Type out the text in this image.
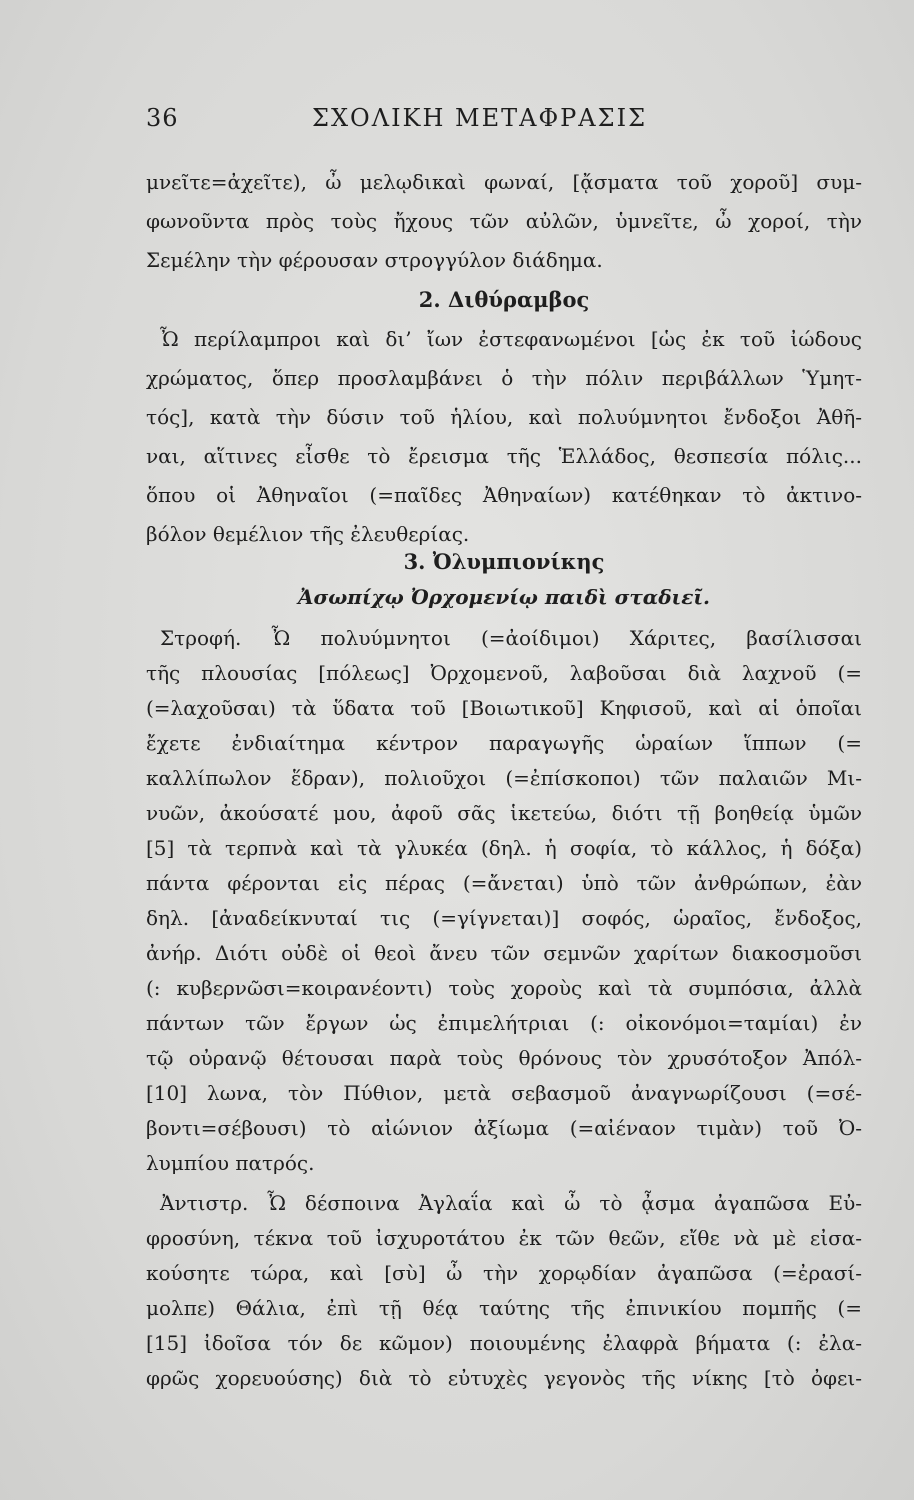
36	ΣΧΟΛΙΚΗ ΜΕΤΑΦΡΑΣΙΣ
μνεῖτε=ἀχεῖτε), ὦ μελῳδικαὶ φωναί, [ᾄσματα τοῦ χοροῦ] συμ-
φωνοῦντα πρὸς τοὺς ἤχους τῶν αὐλῶν, ὑμνεῖτε, ὦ χοροί, τὴν
Σεμέλην τὴν φέρουσαν στρογγύλον διάδημα.
2. Διθύραμβος
Ὦ περίλαμπροι καὶ δι’ ἴων ἐστεφανωμένοι [ὡς ἐκ τοῦ ἰώδους
χρώματος, ὅπερ προσλαμβάνει ὁ τὴν πόλιν περιβάλλων Ὑμητ-
τός], κατὰ τὴν δύσιν τοῦ ἡλίου, καὶ πολυύμνητοι ἔνδοξοι Ἀθῆ-
ναι, αἵτινες εἶσθε τὸ ἔρεισμα τῆς Ἑλλάδος, θεσπεσία πόλις...
ὅπου οἱ Ἀθηναῖοι (=παῖδες Ἀθηναίων) κατέθηκαν τὸ ἀκτινο-
βόλον θεμέλιον τῆς ἐλευθερίας.
3. Ὀλυμπιονίκης
Ἀσωπίχῳ Ὀρχομενίῳ παιδὶ σταδιεῖ.
Στροφή. Ὦ πολυύμνητοι (=ἀοίδιμοι) Χάριτες, βασίλισσαι
τῆς πλουσίας [πόλεως] Ὀρχομενοῦ, λαβοῦσαι διὰ λαχνοῦ (=
(=λαχοῦσαι) τὰ ὕδατα τοῦ [Βοιωτικοῦ] Κηφισοῦ, καὶ αἱ ὁποῖαι
ἔχετε ἐνδιαίτημα κέντρον παραγωγῆς ὡραίων ἵππων (=
καλλίπωλον ἕδραν), πολιοῦχοι (=ἐπίσκοποι) τῶν παλαιῶν Μι-
νυῶν, ἀκούσατέ μου, ἀφοῦ σᾶς ἱκετεύω, διότι τῇ βοηθείᾳ ὑμῶν
[5] τὰ τερπνὰ καὶ τὰ γλυκέα (δηλ. ἡ σοφία, τὸ κάλλος, ἡ δόξα)
πάντα φέρονται εἰς πέρας (=ἄνεται) ὑπὸ τῶν ἀνθρώπων, ἐὰν
δηλ. [ἀναδείκνυταί τις (=γίγνεται)] σοφός, ὡραῖος, ἔνδοξος,
ἀνήρ. Διότι οὐδὲ οἱ θεοὶ ἄνευ τῶν σεμνῶν χαρίτων διακοσμοῦσι
(: κυβερνῶσι=κοιρανέοντι) τοὺς χοροὺς καὶ τὰ συμπόσια, ἀλλὰ
πάντων τῶν ἔργων ὡς ἐπιμελήτριαι (: οἰκονόμοι=ταμίαι) ἐν
τῷ οὐρανῷ θέτουσαι παρὰ τοὺς θρόνους τὸν χρυσότοξον Ἀπόλ-
[10] λωνα, τὸν Πύθιον, μετὰ σεβασμοῦ ἀναγνωρίζουσι (=σέ-
βοντι=σέβουσι) τὸ αἰώνιον ἀξίωμα (=αἰέναον τιμὰν) τοῦ Ὀ-
λυμπίου πατρός.
Ἀντιστρ. Ὦ δέσποινα Ἀγλαΐα καὶ ὦ τὸ ᾆσμα ἀγαπῶσα Εὐ-
φροσύνη, τέκνα τοῦ ἰσχυροτάτου ἐκ τῶν θεῶν, εἴθε νὰ μὲ εἰσα-
κούσητε τώρα, καὶ [σὺ] ὦ τὴν χορῳδίαν ἀγαπῶσα (=ἐρασί-
μολπε) Θάλια, ἐπὶ τῇ θέᾳ ταύτης τῆς ἐπινικίου πομπῆς (=
[15] ἰδοῖσα τόν δε κῶμον) ποιουμένης ἐλαφρὰ βήματα (: ἐλα-
φρῶς χορευούσης) διὰ τὸ εὐτυχὲς γεγονὸς τῆς νίκης [τὸ ὀφει-
